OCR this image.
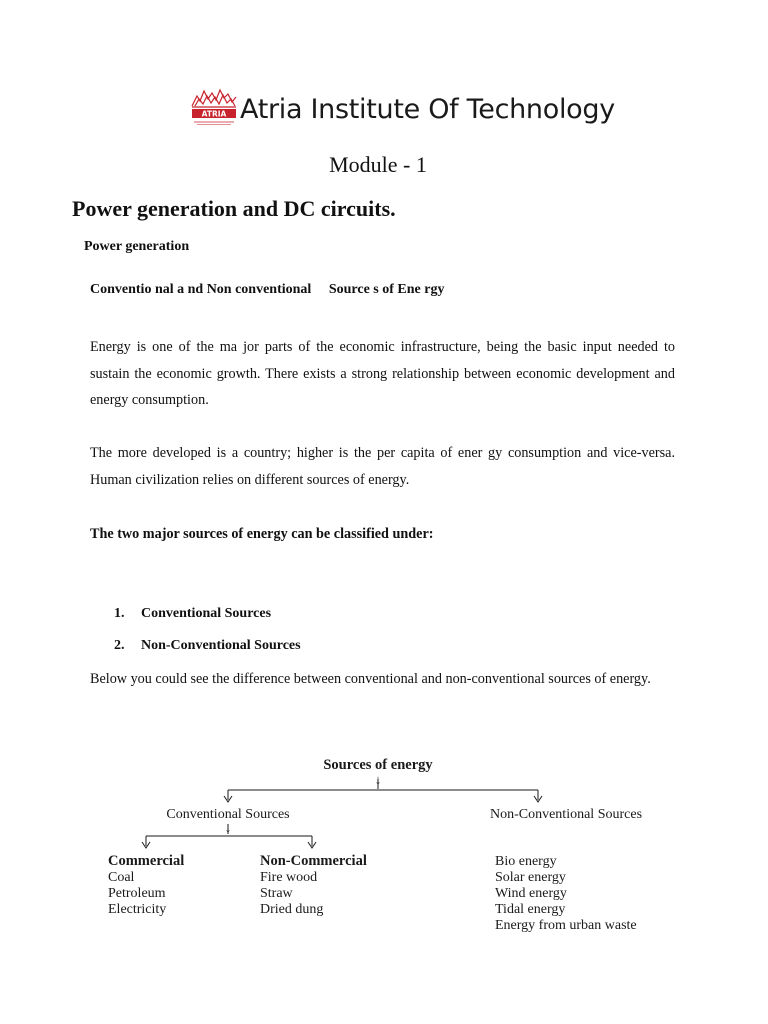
ATRIA Atria Institute Of Technology
Module - 1
Power generation and DC circuits.
Power generation
Conventio nal a nd Non conventional     Source s of Ene rgy
Energy is one of the ma jor parts of the economic infrastructure, being the basic input needed to sustain the economic growth. There exists a strong relationship between economic development and energy consumption.
The more developed is a country; higher is the per capita of ener gy consumption and vice-versa. Human civilization relies on different sources of energy.
The two major sources of energy can be classified under:
1. Conventional Sources
2. Non-Conventional Sources
Below you could see the difference between conventional and non-conventional sources of energy.
Sources of energy
↓
Conventional Sources
↓
Non-Conventional Sources
Commercial
Coal
Petroleum
Electricity
Non-Commercial
Fire wood
Straw
Dried dung
Bio energy
Solar energy
Wind energy
Tidal energy
Energy from urban waste
